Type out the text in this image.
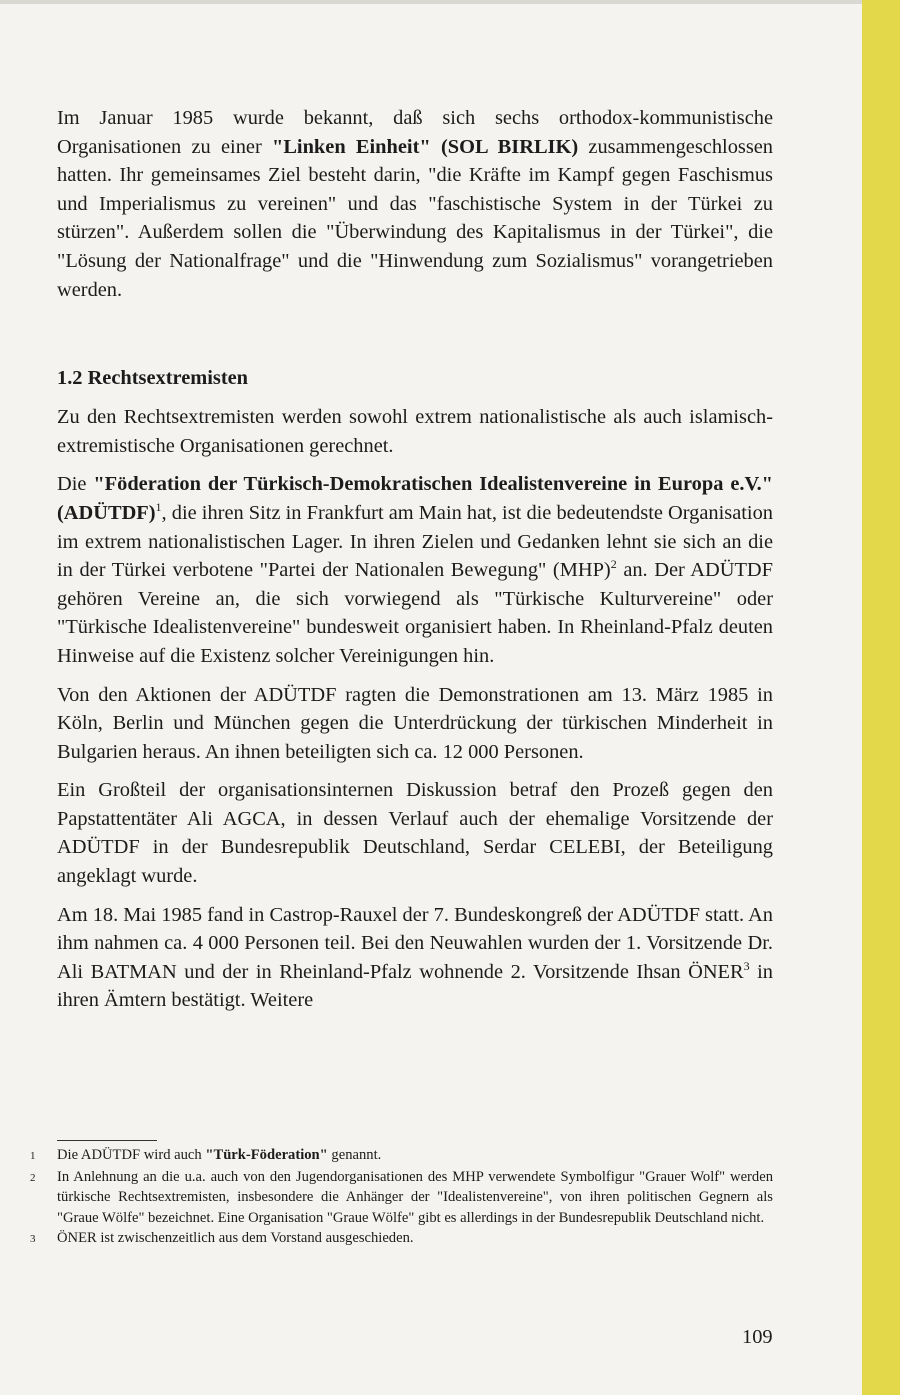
Im Januar 1985 wurde bekannt, daß sich sechs orthodox-kommunistische Organisationen zu einer "Linken Einheit" (SOL BIRLIK) zusammengeschlossen hatten. Ihr gemeinsames Ziel besteht darin, "die Kräfte im Kampf gegen Faschismus und Imperialismus zu vereinen" und das "faschistische System in der Türkei zu stürzen". Außerdem sollen die "Überwindung des Kapitalismus in der Türkei", die "Lösung der Nationalfrage" und die "Hinwendung zum Sozialismus" vorangetrieben werden.

1.2 Rechtsextremisten

Zu den Rechtsextremisten werden sowohl extrem nationalistische als auch islamisch-extremistische Organisationen gerechnet.

Die "Föderation der Türkisch-Demokratischen Idealistenvereine in Europa e.V." (ADÜTDF)$^1$, die ihren Sitz in Frankfurt am Main hat, ist die bedeutendste Organisation im extrem nationalistischen Lager. In ihren Zielen und Gedanken lehnt sie sich an die in der Türkei verbotene "Partei der Nationalen Bewegung" (MHP)$^2$ an. Der ADÜTDF gehören Vereine an, die sich vorwiegend als "Türkische Kulturvereine" oder "Türkische Idealistenvereine" bundesweit organisiert haben. In Rheinland-Pfalz deuten Hinweise auf die Existenz solcher Vereinigungen hin.

Von den Aktionen der ADÜTDF ragten die Demonstrationen am 13. März 1985 in Köln, Berlin und München gegen die Unterdrückung der türkischen Minderheit in Bulgarien heraus. An ihnen beteiligten sich ca. 12 000 Personen.

Ein Großteil der organisationsinternen Diskussion betraf den Prozeß gegen den Papstattentäter Ali AGCA, in dessen Verlauf auch der ehemalige Vorsitzende der ADÜTDF in der Bundesrepublik Deutschland, Serdar CELEBI, der Beteiligung angeklagt wurde.

Am 18. Mai 1985 fand in Castrop-Rauxel der 7. Bundeskongreß der ADÜTDF statt. An ihm nahmen ca. 4 000 Personen teil. Bei den Neuwahlen wurden der 1. Vorsitzende Dr. Ali BATMAN und der in Rheinland-Pfalz wohnende 2. Vorsitzende Ihsan ÖNER$^3$ in ihren Ämtern bestätigt. Weitere

1	Die ADÜTDF wird auch "Türk-Föderation" genannt.
2	In Anlehnung an die u.a. auch von den Jugendorganisationen des MHP verwendete Symbolfigur "Grauer Wolf" werden türkische Rechtsextremisten, insbesondere die Anhänger der "Idealistenvereine", von ihren politischen Gegnern als "Graue Wölfe" bezeichnet. Eine Organisation "Graue Wölfe" gibt es allerdings in der Bundesrepublik Deutschland nicht.
3	ÖNER ist zwischenzeitlich aus dem Vorstand ausgeschieden.
109
